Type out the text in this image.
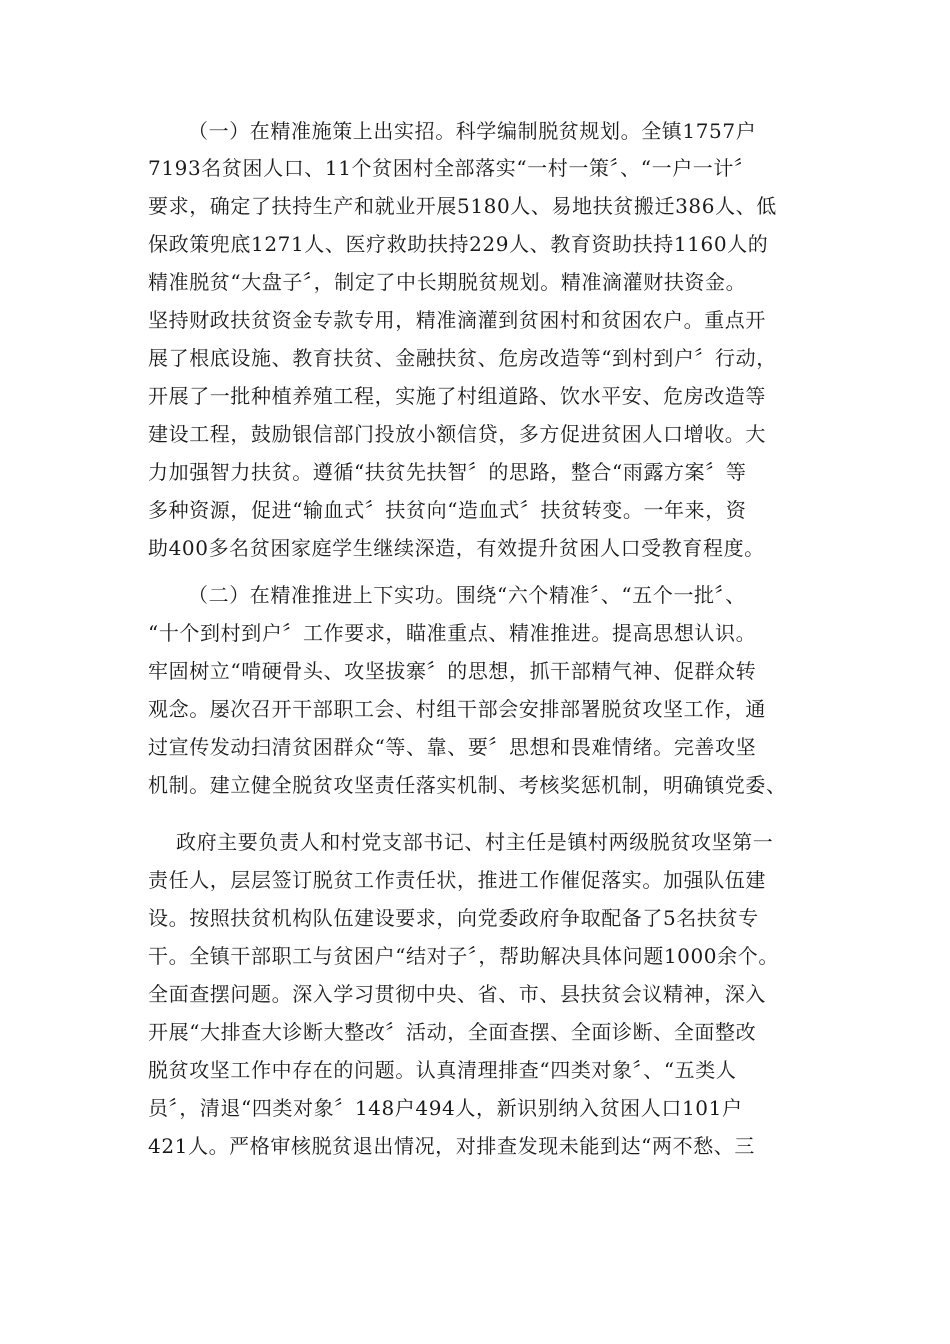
（一）在精准施策上出实招。科学编制脱贫规划。全镇1757户
7193名贫困人口、11个贫困村全部落实“一村一策〞、“一户一计〞
要求，确定了扶持生产和就业开展5180人、易地扶贫搬迁386人、低
保政策兜底1271人、医疗救助扶持229人、教育资助扶持1160人的
精准脱贫“大盘子〞，制定了中长期脱贫规划。精准滴灌财扶资金。
坚持财政扶贫资金专款专用，精准滴灌到贫困村和贫困农户。重点开
展了根底设施、教育扶贫、金融扶贫、危房改造等“到村到户〞行动，
开展了一批种植养殖工程，实施了村组道路、饮水平安、危房改造等
建设工程，鼓励银信部门投放小额信贷，多方促进贫困人口增收。大
力加强智力扶贫。遵循“扶贫先扶智〞的思路，整合“雨露方案〞等
多种资源，促进“输血式〞扶贫向“造血式〞扶贫转变。一年来，资
助400多名贫困家庭学生继续深造，有效提升贫困人口受教育程度。
（二）在精准推进上下实功。围绕“六个精准〞、“五个一批〞、
“十个到村到户〞工作要求，瞄准重点、精准推进。提高思想认识。
牢固树立“啃硬骨头、攻坚拔寨〞的思想，抓干部精气神、促群众转
观念。屡次召开干部职工会、村组干部会安排部署脱贫攻坚工作，通
过宣传发动扫清贫困群众“等、靠、要〞思想和畏难情绪。完善攻坚
机制。建立健全脱贫攻坚责任落实机制、考核奖惩机制，明确镇党委、
政府主要负责人和村党支部书记、村主任是镇村两级脱贫攻坚第一
责任人，层层签订脱贫工作责任状，推进工作催促落实。加强队伍建
设。按照扶贫机构队伍建设要求，向党委政府争取配备了5名扶贫专
干。全镇干部职工与贫困户“结对子〞，帮助解决具体问题1000余个。
全面查摆问题。深入学习贯彻中央、省、市、县扶贫会议精神，深入
开展“大排查大诊断大整改〞活动，全面查摆、全面诊断、全面整改
脱贫攻坚工作中存在的问题。认真清理排查“四类对象〞、“五类人
员〞，清退“四类对象〞148户494人，新识别纳入贫困人口101户
421人。严格审核脱贫退出情况，对排查发现未能到达“两不愁、三
